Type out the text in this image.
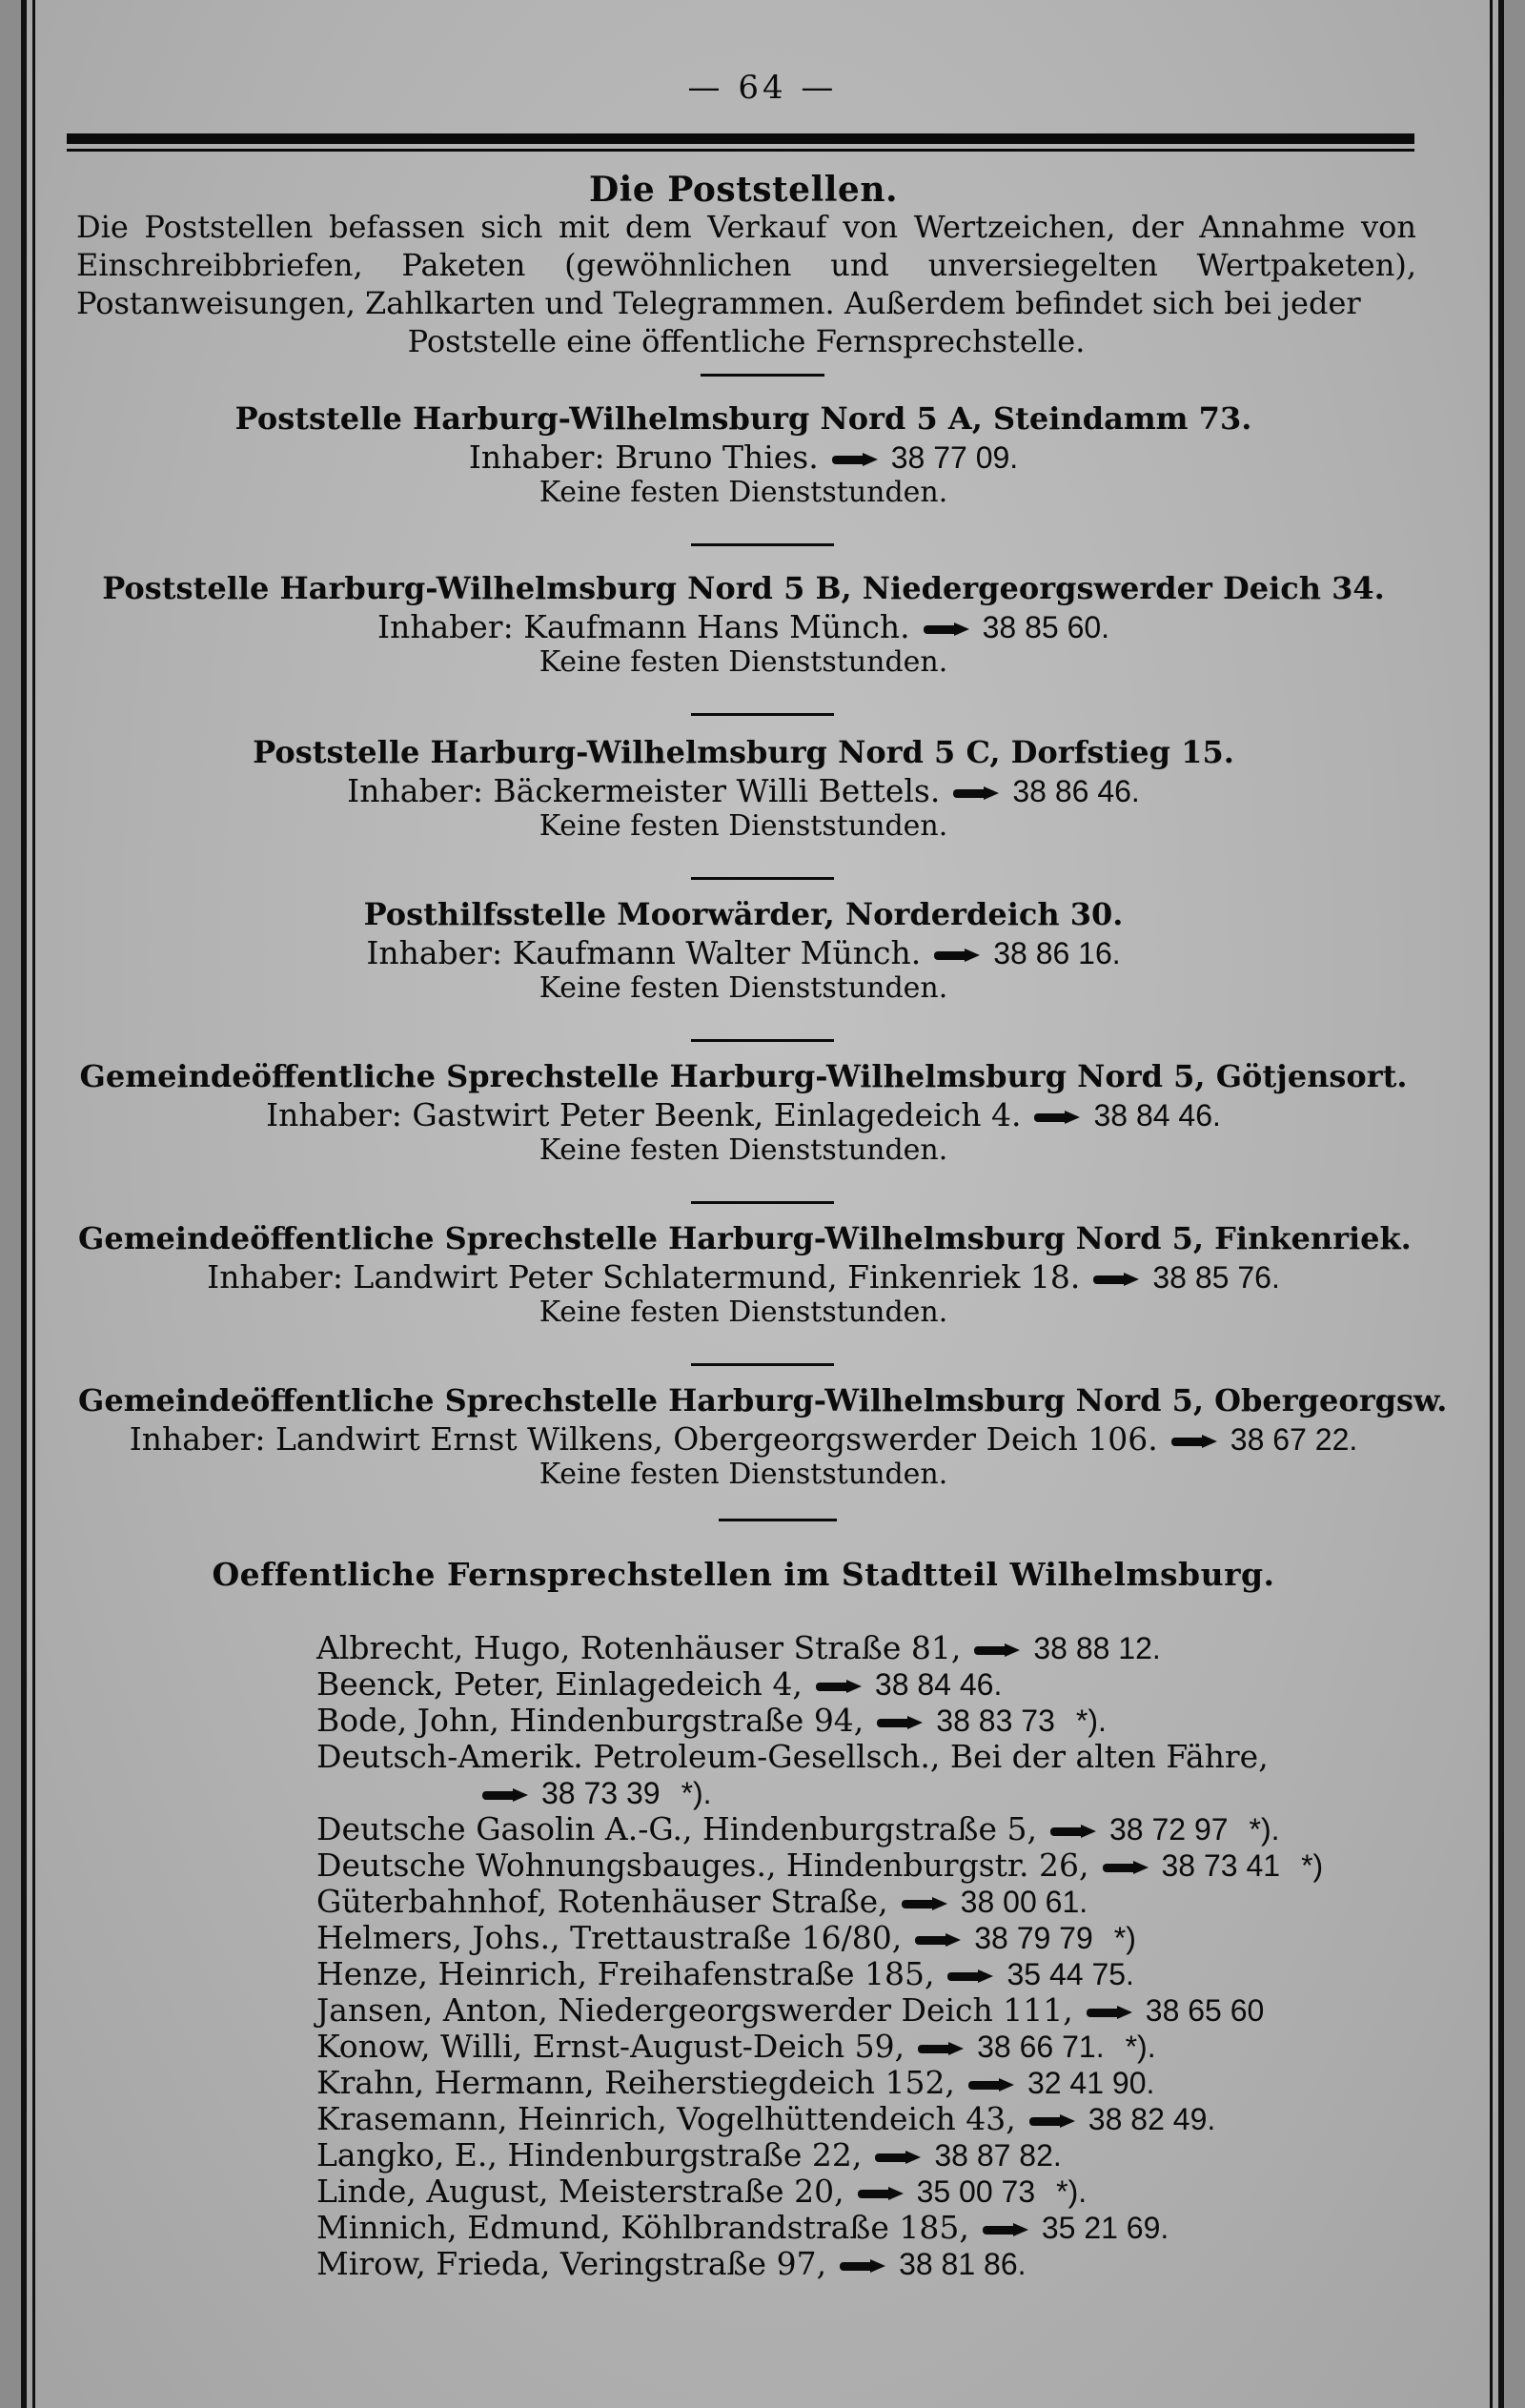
— 64 —
Die Poststellen.
Die Poststellen befassen sich mit dem Verkauf von Wertzeichen, der Annahme von Einschreibbriefen, Paketen (gewöhnlichen und unversiegelten Wertpaketen), Postanweisungen, Zahlkarten und Telegrammen. Außerdem befindet sich bei jeder
Poststelle eine öffentliche Fernsprechstelle.
Poststelle Harburg-Wilhelmsburg Nord 5 A, Steindamm 73.
Inhaber: Bruno Thies. 38 77 09.
Keine festen Dienststunden.
Poststelle Harburg-Wilhelmsburg Nord 5 B, Niedergeorgswerder Deich 34.
Inhaber: Kaufmann Hans Münch. 38 85 60.
Keine festen Dienststunden.
Poststelle Harburg-Wilhelmsburg Nord 5 C, Dorfstieg 15.
Inhaber: Bäckermeister Willi Bettels. 38 86 46.
Keine festen Dienststunden.
Posthilfsstelle Moorwärder, Norderdeich 30.
Inhaber: Kaufmann Walter Münch. 38 86 16.
Keine festen Dienststunden.
Gemeindeöffentliche Sprechstelle Harburg-Wilhelmsburg Nord 5, Götjensort.
Inhaber: Gastwirt Peter Beenk, Einlagedeich 4. 38 84 46.
Keine festen Dienststunden.
Gemeindeöffentliche Sprechstelle Harburg-Wilhelmsburg Nord 5, Finkenriek.
Inhaber: Landwirt Peter Schlatermund, Finkenriek 18. 38 85 76.
Keine festen Dienststunden.
Gemeindeöffentliche Sprechstelle Harburg-Wilhelmsburg Nord 5, Obergeorgsw.
Inhaber: Landwirt Ernst Wilkens, Obergeorgswerder Deich 106. 38 67 22.
Keine festen Dienststunden.
Oeffentliche Fernsprechstellen im Stadtteil Wilhelmsburg.
Albrecht, Hugo, Rotenhäuser Straße 81, 38 88 12.
Beenck, Peter, Einlagedeich 4, 38 84 46.
Bode, John, Hindenburgstraße 94, 38 83 73 *).
Deutsch-Amerik. Petroleum-Gesellsch., Bei der alten Fähre,
38 73 39 *).
Deutsche Gasolin A.-G., Hindenburgstraße 5, 38 72 97 *).
Deutsche Wohnungsbauges., Hindenburgstr. 26, 38 73 41 *)
Güterbahnhof, Rotenhäuser Straße, 38 00 61.
Helmers, Johs., Trettaustraße 16/80, 38 79 79 *)
Henze, Heinrich, Freihafenstraße 185, 35 44 75.
Jansen, Anton, Niedergeorgswerder Deich 111, 38 65 60
Konow, Willi, Ernst-August-Deich 59, 38 66 71. *).
Krahn, Hermann, Reiherstiegdeich 152, 32 41 90.
Krasemann, Heinrich, Vogelhüttendeich 43, 38 82 49.
Langko, E., Hindenburgstraße 22, 38 87 82.
Linde, August, Meisterstraße 20, 35 00 73 *).
Minnich, Edmund, Köhlbrandstraße 185, 35 21 69.
Mirow, Frieda, Veringstraße 97, 38 81 86.
